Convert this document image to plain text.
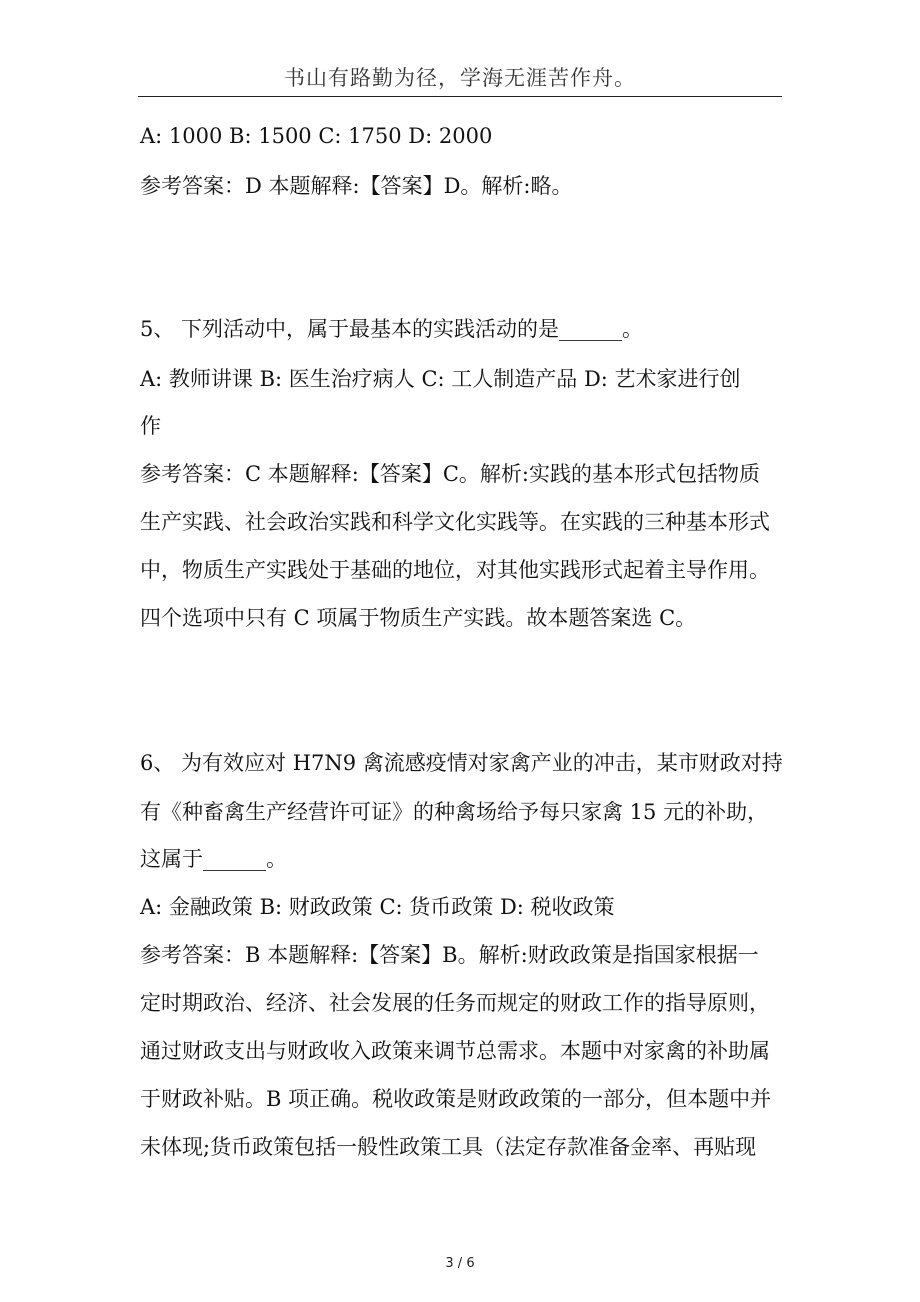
书山有路勤为径，学海无涯苦作舟。
A: 1000 B: 1500 C: 1750 D: 2000
参考答案：D 本题解释:【答案】D。解析:略。
5、 下列活动中，属于最基本的实践活动的是______。
A: 教师讲课 B: 医生治疗病人 C: 工人制造产品 D: 艺术家进行创
作
参考答案：C 本题解释:【答案】C。解析:实践的基本形式包括物质
生产实践、社会政治实践和科学文化实践等。在实践的三种基本形式
中，物质生产实践处于基础的地位，对其他实践形式起着主导作用。
四个选项中只有 C 项属于物质生产实践。故本题答案选 C。
6、 为有效应对 H7N9 禽流感疫情对家禽产业的冲击，某市财政对持
有《种畜禽生产经营许可证》的种禽场给予每只家禽 15 元的补助，
这属于______。
A: 金融政策 B: 财政政策 C: 货币政策 D: 税收政策
参考答案：B 本题解释:【答案】B。解析:财政政策是指国家根据一
定时期政治、经济、社会发展的任务而规定的财政工作的指导原则，
通过财政支出与财政收入政策来调节总需求。本题中对家禽的补助属
于财政补贴。B 项正确。税收政策是财政政策的一部分，但本题中并
未体现;货币政策包括一般性政策工具（法定存款准备金率、再贴现
3 / 6
